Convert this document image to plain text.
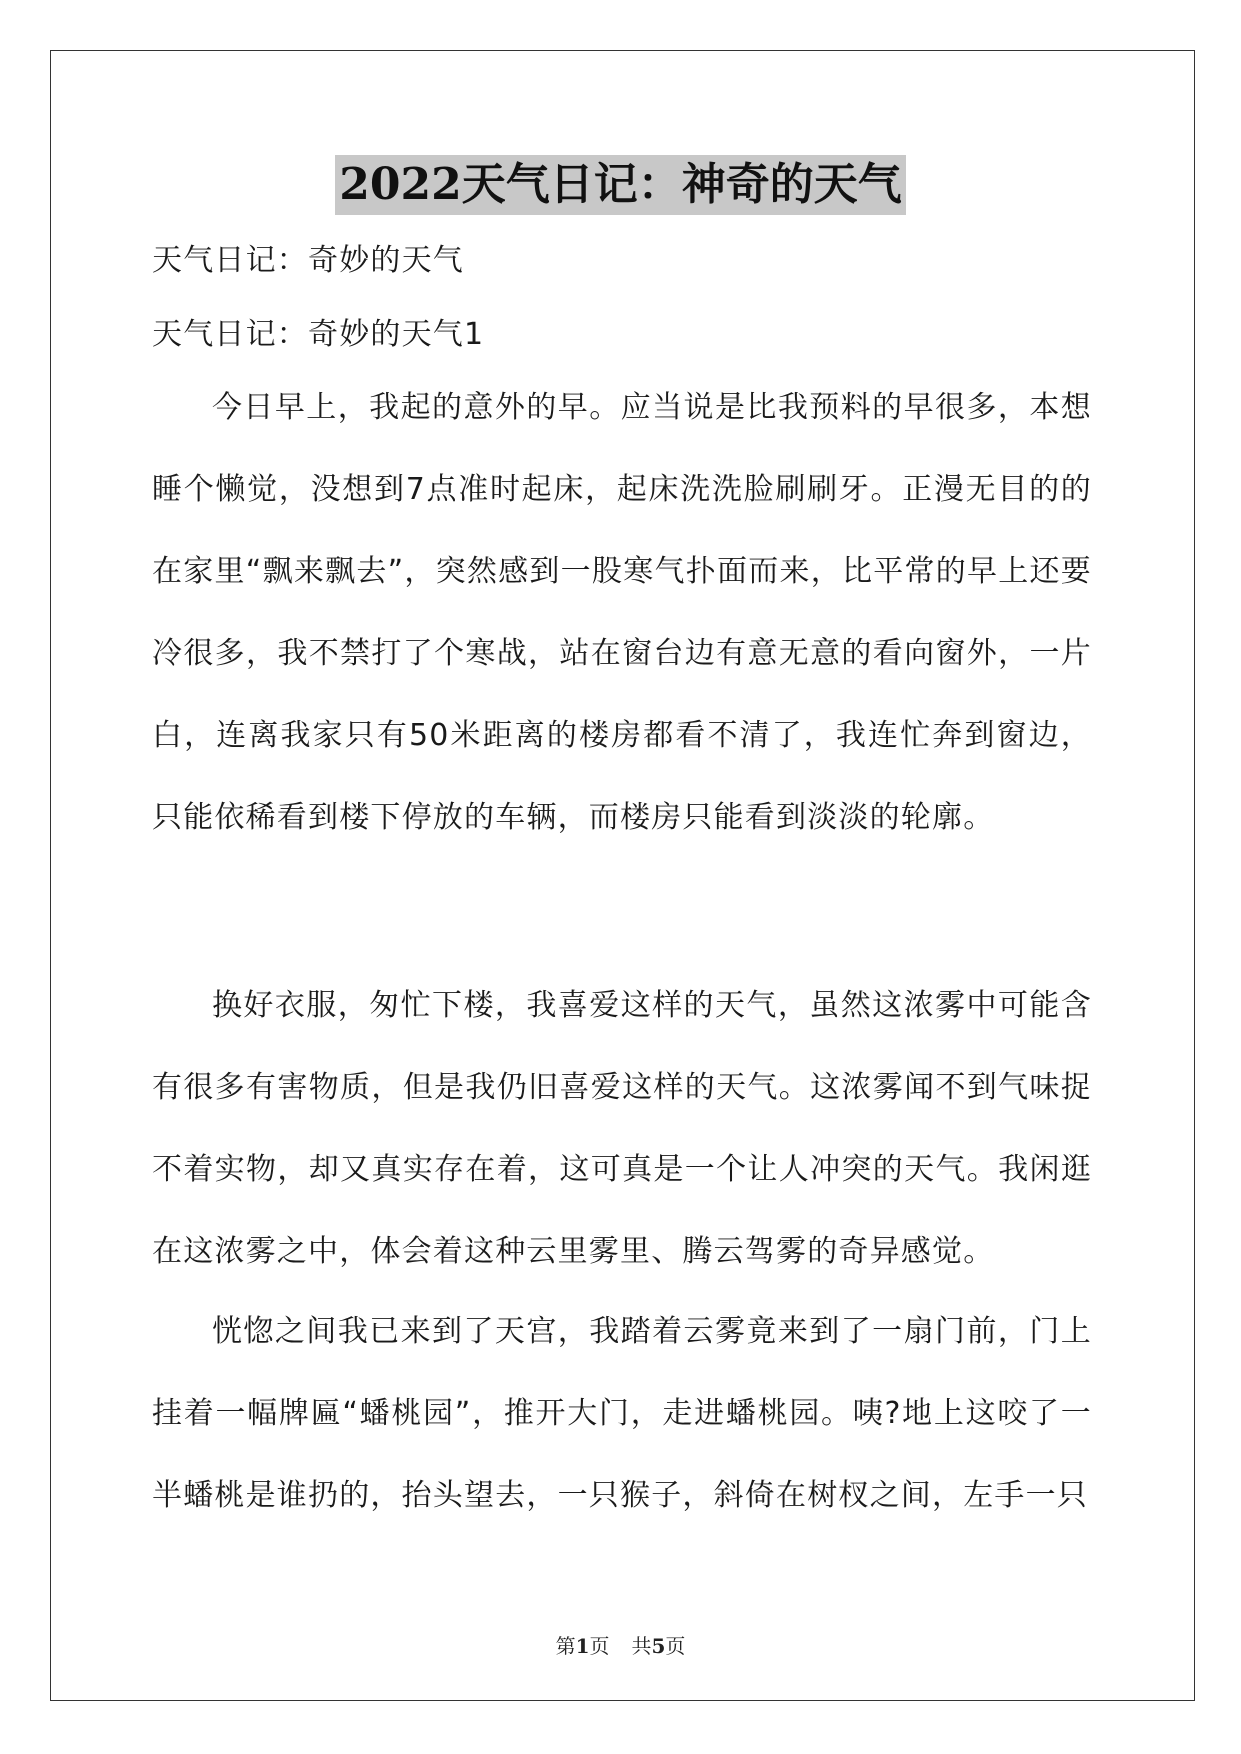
2022天气日记：神奇的天气

天气日记：奇妙的天气

天气日记：奇妙的天气1

今日早上，我起的意外的早。应当说是比我预料的早很多，本想睡个懒觉，没想到7点准时起床，起床洗洗脸刷刷牙。正漫无目的的在家里“飘来飘去”，突然感到一股寒气扑面而来，比平常的早上还要冷很多，我不禁打了个寒战，站在窗台边有意无意的看向窗外，一片白，连离我家只有50米距离的楼房都看不清了，我连忙奔到窗边，只能依稀看到楼下停放的车辆，而楼房只能看到淡淡的轮廓。

换好衣服，匆忙下楼，我喜爱这样的天气，虽然这浓雾中可能含有很多有害物质，但是我仍旧喜爱这样的天气。这浓雾闻不到气味捉不着实物，却又真实存在着，这可真是一个让人冲突的天气。我闲逛在这浓雾之中，体会着这种云里雾里、腾云驾雾的奇异感觉。

恍惚之间我已来到了天宫，我踏着云雾竟来到了一扇门前，门上挂着一幅牌匾“蟠桃园”，推开大门，走进蟠桃园。咦?地上这咬了一半蟠桃是谁扔的，抬头望去，一只猴子，斜倚在树杈之间，左手一只

第1页 共5页
